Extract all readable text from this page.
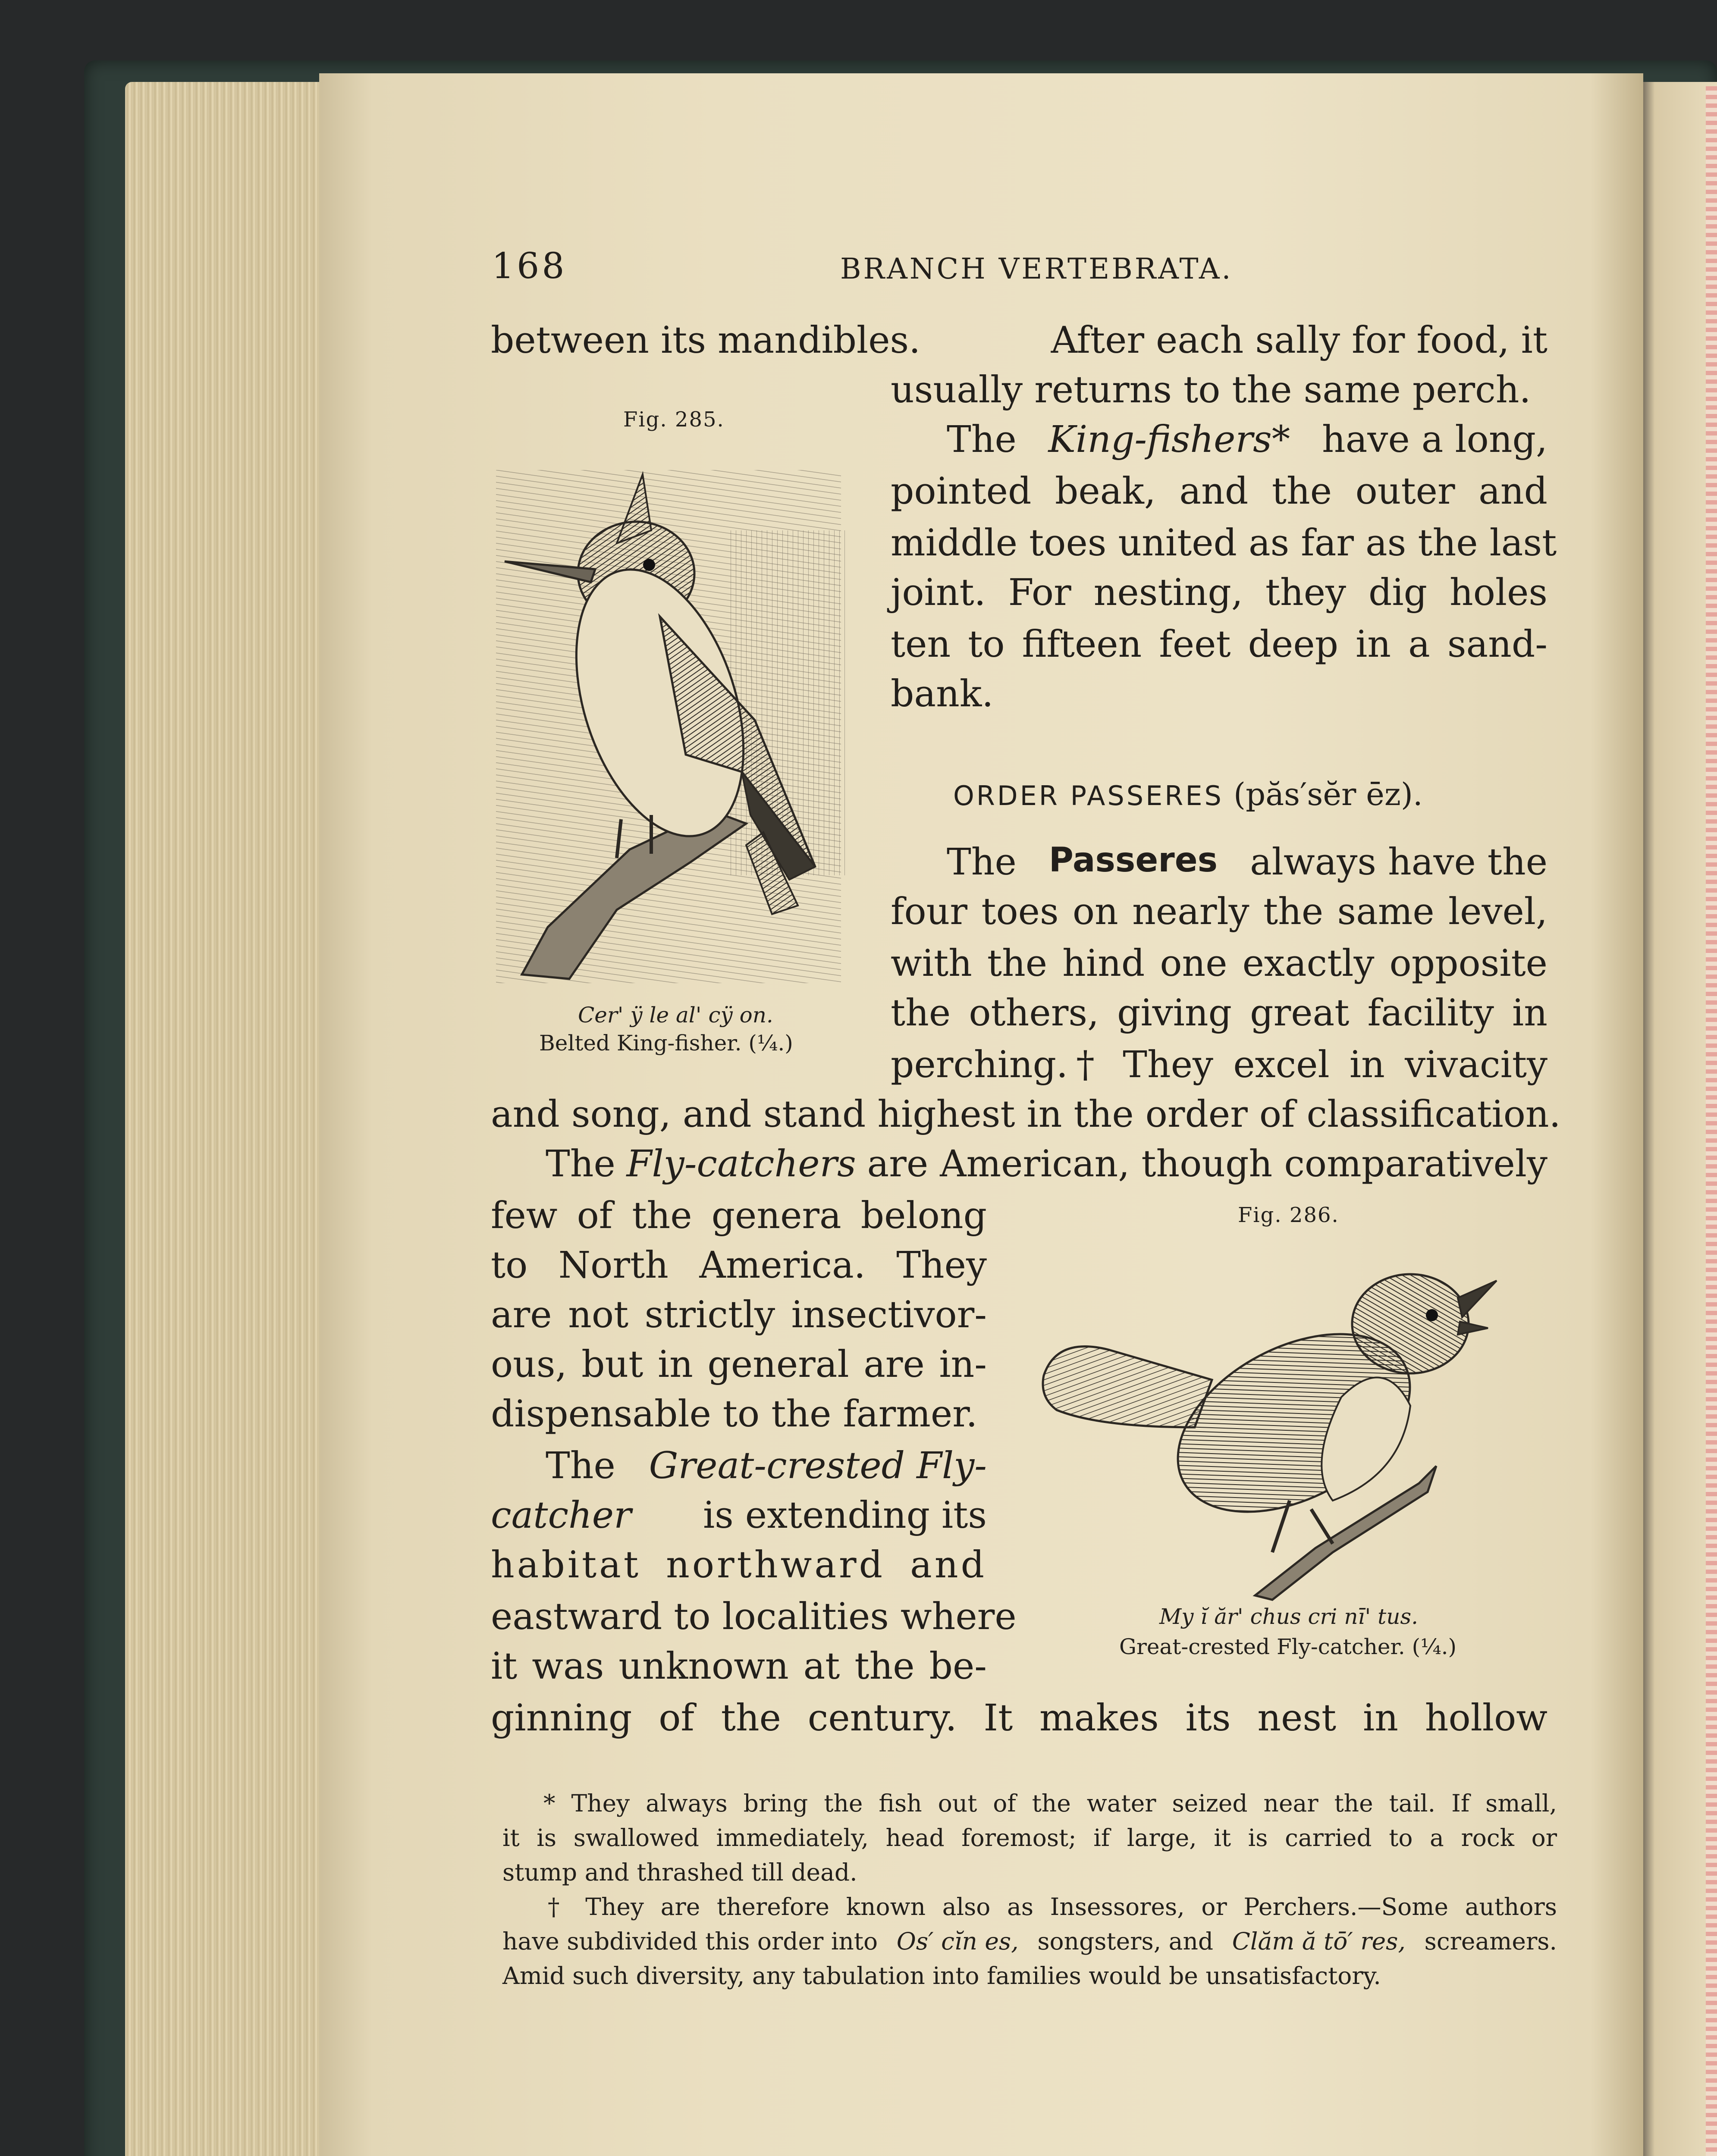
168	BRANCH VERTEBRATA.
between its mandibles.	After each sally for food, it
Fig. 285.
usually returns to the same perch.
The King-fishers* have a long,
pointed beak, and the outer and
middle toes united as far as the last
joint. For nesting, they dig holes
ten to fifteen feet deep in a sand-
bank.
ORDER PASSERES (păs′sĕr ēz).
The Passeres always have the
four toes on nearly the same level,
with the hind one exactly opposite
the others, giving great facility in
perching.† They excel in vivacity
Cer' ÿ le al' cÿ on.
Belted King-fisher. (¼.)
and song, and stand highest in the order of classification.
The Fly-catchers are American, though comparatively
few of the genera belong
to North America. They
are not strictly insectivor-
ous, but in general are in-
dispensable to the farmer.
The Great-crested Fly-
catcher is extending its
habitat northward and
eastward to localities where
it was unknown at the be-
ginning of the century. It makes its nest in hollow
Fig. 286.
My ĭ ăr' chus cri nī' tus.
Great-crested Fly-catcher. (¼.)
* They always bring the fish out of the water seized near the tail. If small,
it is swallowed immediately, head foremost; if large, it is carried to a rock or
stump and thrashed till dead.
† They are therefore known also as Insessores, or Perchers.—Some authors
have subdivided this order into Os′ cĭn es, songsters, and Clăm ă tō′ res, screamers.
Amid such diversity, any tabulation into families would be unsatisfactory.
